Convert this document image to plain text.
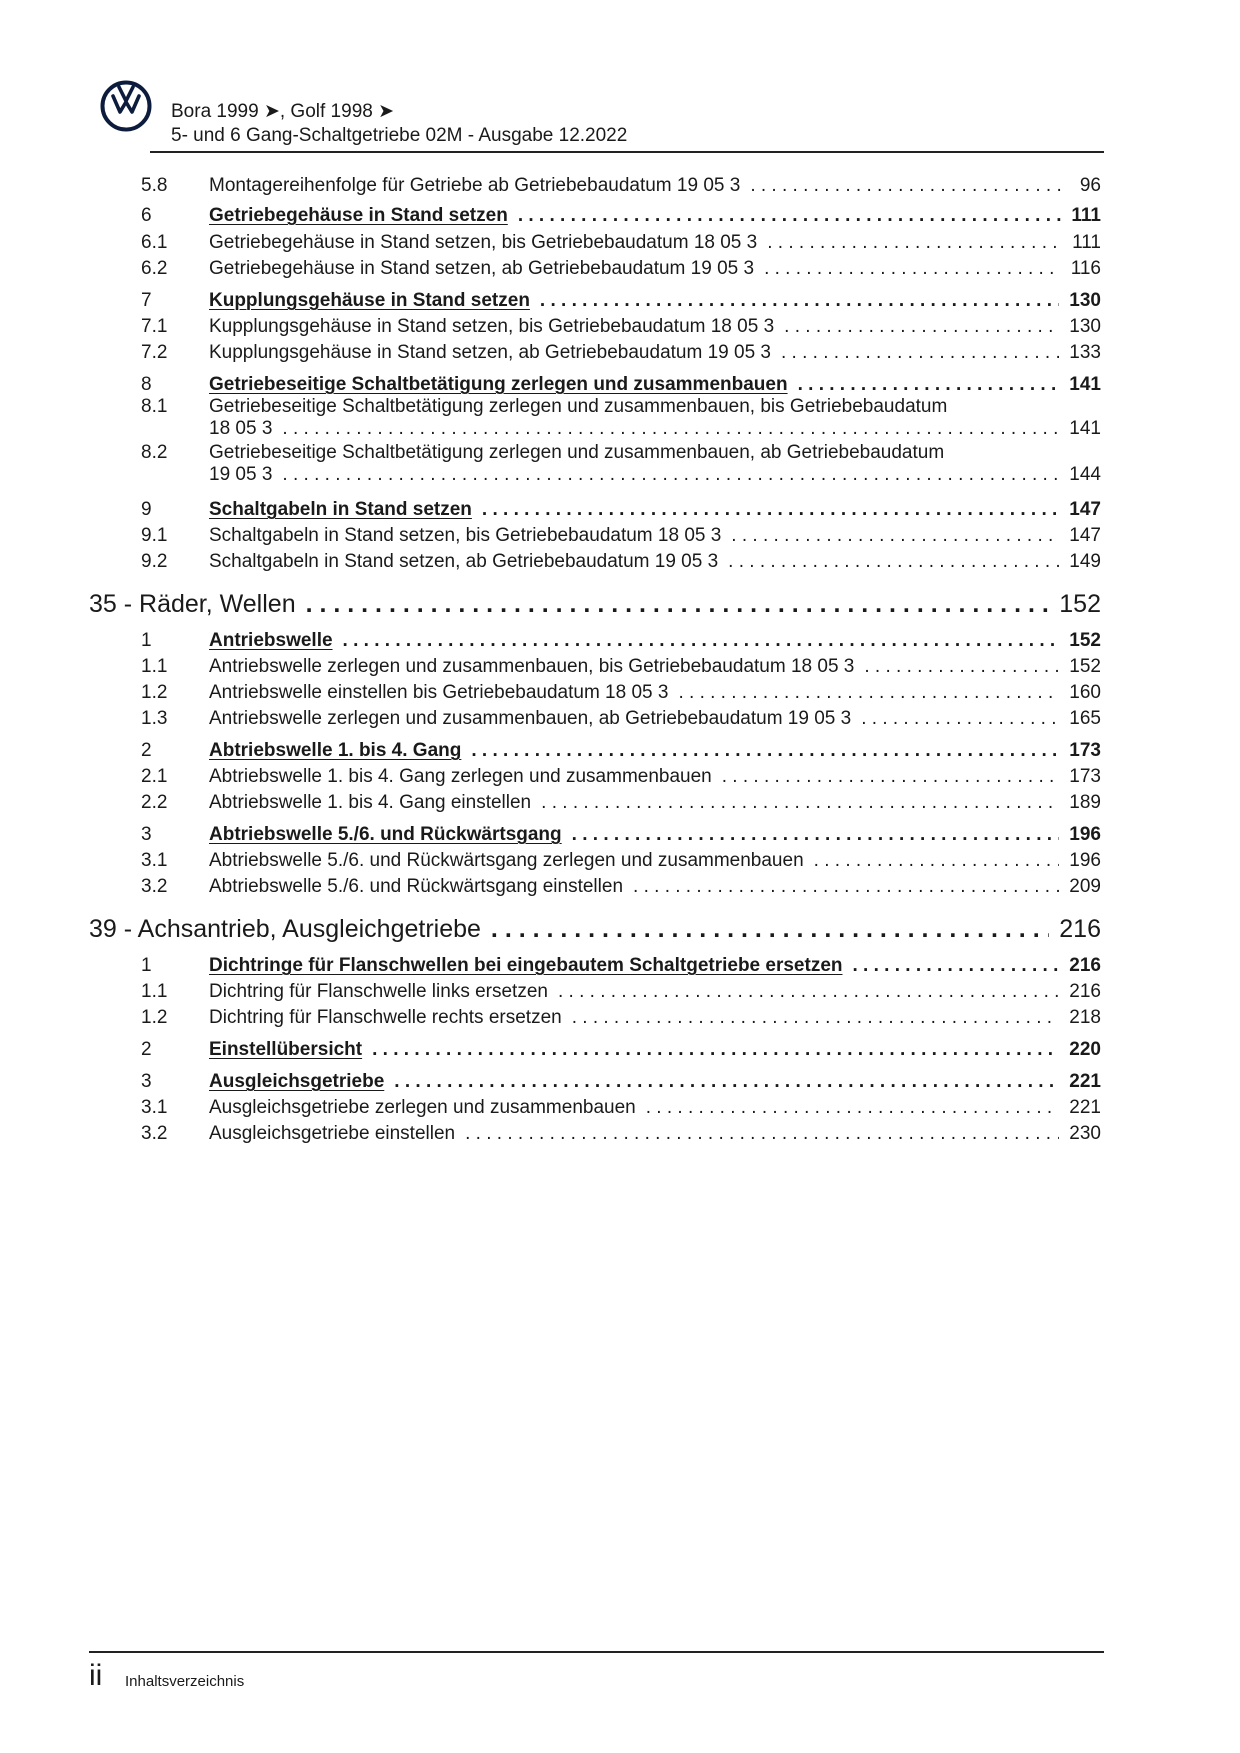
Bora 1999 ➤, Golf 1998 ➤
5- und 6 Gang-Schaltgetriebe 02M - Ausgabe 12.2022
5.8 Montagereihenfolge für Getriebe ab Getriebebaudatum 19 05 3 . . .	96
6	Getriebegehäuse in Stand setzen . . .	111
6.1 Getriebegehäuse in Stand setzen, bis Getriebebaudatum 18 05 3 . . .	111
6.2 Getriebegehäuse in Stand setzen, ab Getriebebaudatum 19 05 3 . . .	116
7	Kupplungsgehäuse in Stand setzen . . .	130
7.1 Kupplungsgehäuse in Stand setzen, bis Getriebebaudatum 18 05 3 . . .	130
7.2 Kupplungsgehäuse in Stand setzen, ab Getriebebaudatum 19 05 3 . . .	133
8	Getriebeseitige Schaltbetätigung zerlegen und zusammenbauen . . .	141
8.1 Getriebeseitige Schaltbetätigung zerlegen und zusammenbauen, bis Getriebebaudatum
18 05 3 . . .	141
8.2 Getriebeseitige Schaltbetätigung zerlegen und zusammenbauen, ab Getriebebaudatum
19 05 3 . . .	144
9	Schaltgabeln in Stand setzen . . .	147
9.1 Schaltgabeln in Stand setzen, bis Getriebebaudatum 18 05 3 . . .	147
9.2 Schaltgabeln in Stand setzen, ab Getriebebaudatum 19 05 3 . . .	149
35 - Räder, Wellen . . .	152
1	Antriebswelle . . .	152
1.1 Antriebswelle zerlegen und zusammenbauen, bis Getriebebaudatum 18 05 3 . . .	152
1.2 Antriebswelle einstellen bis Getriebebaudatum 18 05 3 . . .	160
1.3 Antriebswelle zerlegen und zusammenbauen, ab Getriebebaudatum 19 05 3 . . .	165
2	Abtriebswelle 1. bis 4. Gang . . .	173
2.1 Abtriebswelle 1. bis 4. Gang zerlegen und zusammenbauen . . .	173
2.2 Abtriebswelle 1. bis 4. Gang einstellen . . .	189
3	Abtriebswelle 5./6. und Rückwärtsgang . . .	196
3.1 Abtriebswelle 5./6. und Rückwärtsgang zerlegen und zusammenbauen . . .	196
3.2 Abtriebswelle 5./6. und Rückwärtsgang einstellen . . .	209
39 - Achsantrieb, Ausgleichgetriebe . . .	216
1	Dichtringe für Flanschwellen bei eingebautem Schaltgetriebe ersetzen . . .	216
1.1 Dichtring für Flanschwelle links ersetzen . . .	216
1.2 Dichtring für Flanschwelle rechts ersetzen . . .	218
2	Einstellübersicht . . .	220
3	Ausgleichsgetriebe . . .	221
3.1 Ausgleichsgetriebe zerlegen und zusammenbauen . . .	221
3.2 Ausgleichsgetriebe einstellen . . .	230
ii Inhaltsverzeichnis
